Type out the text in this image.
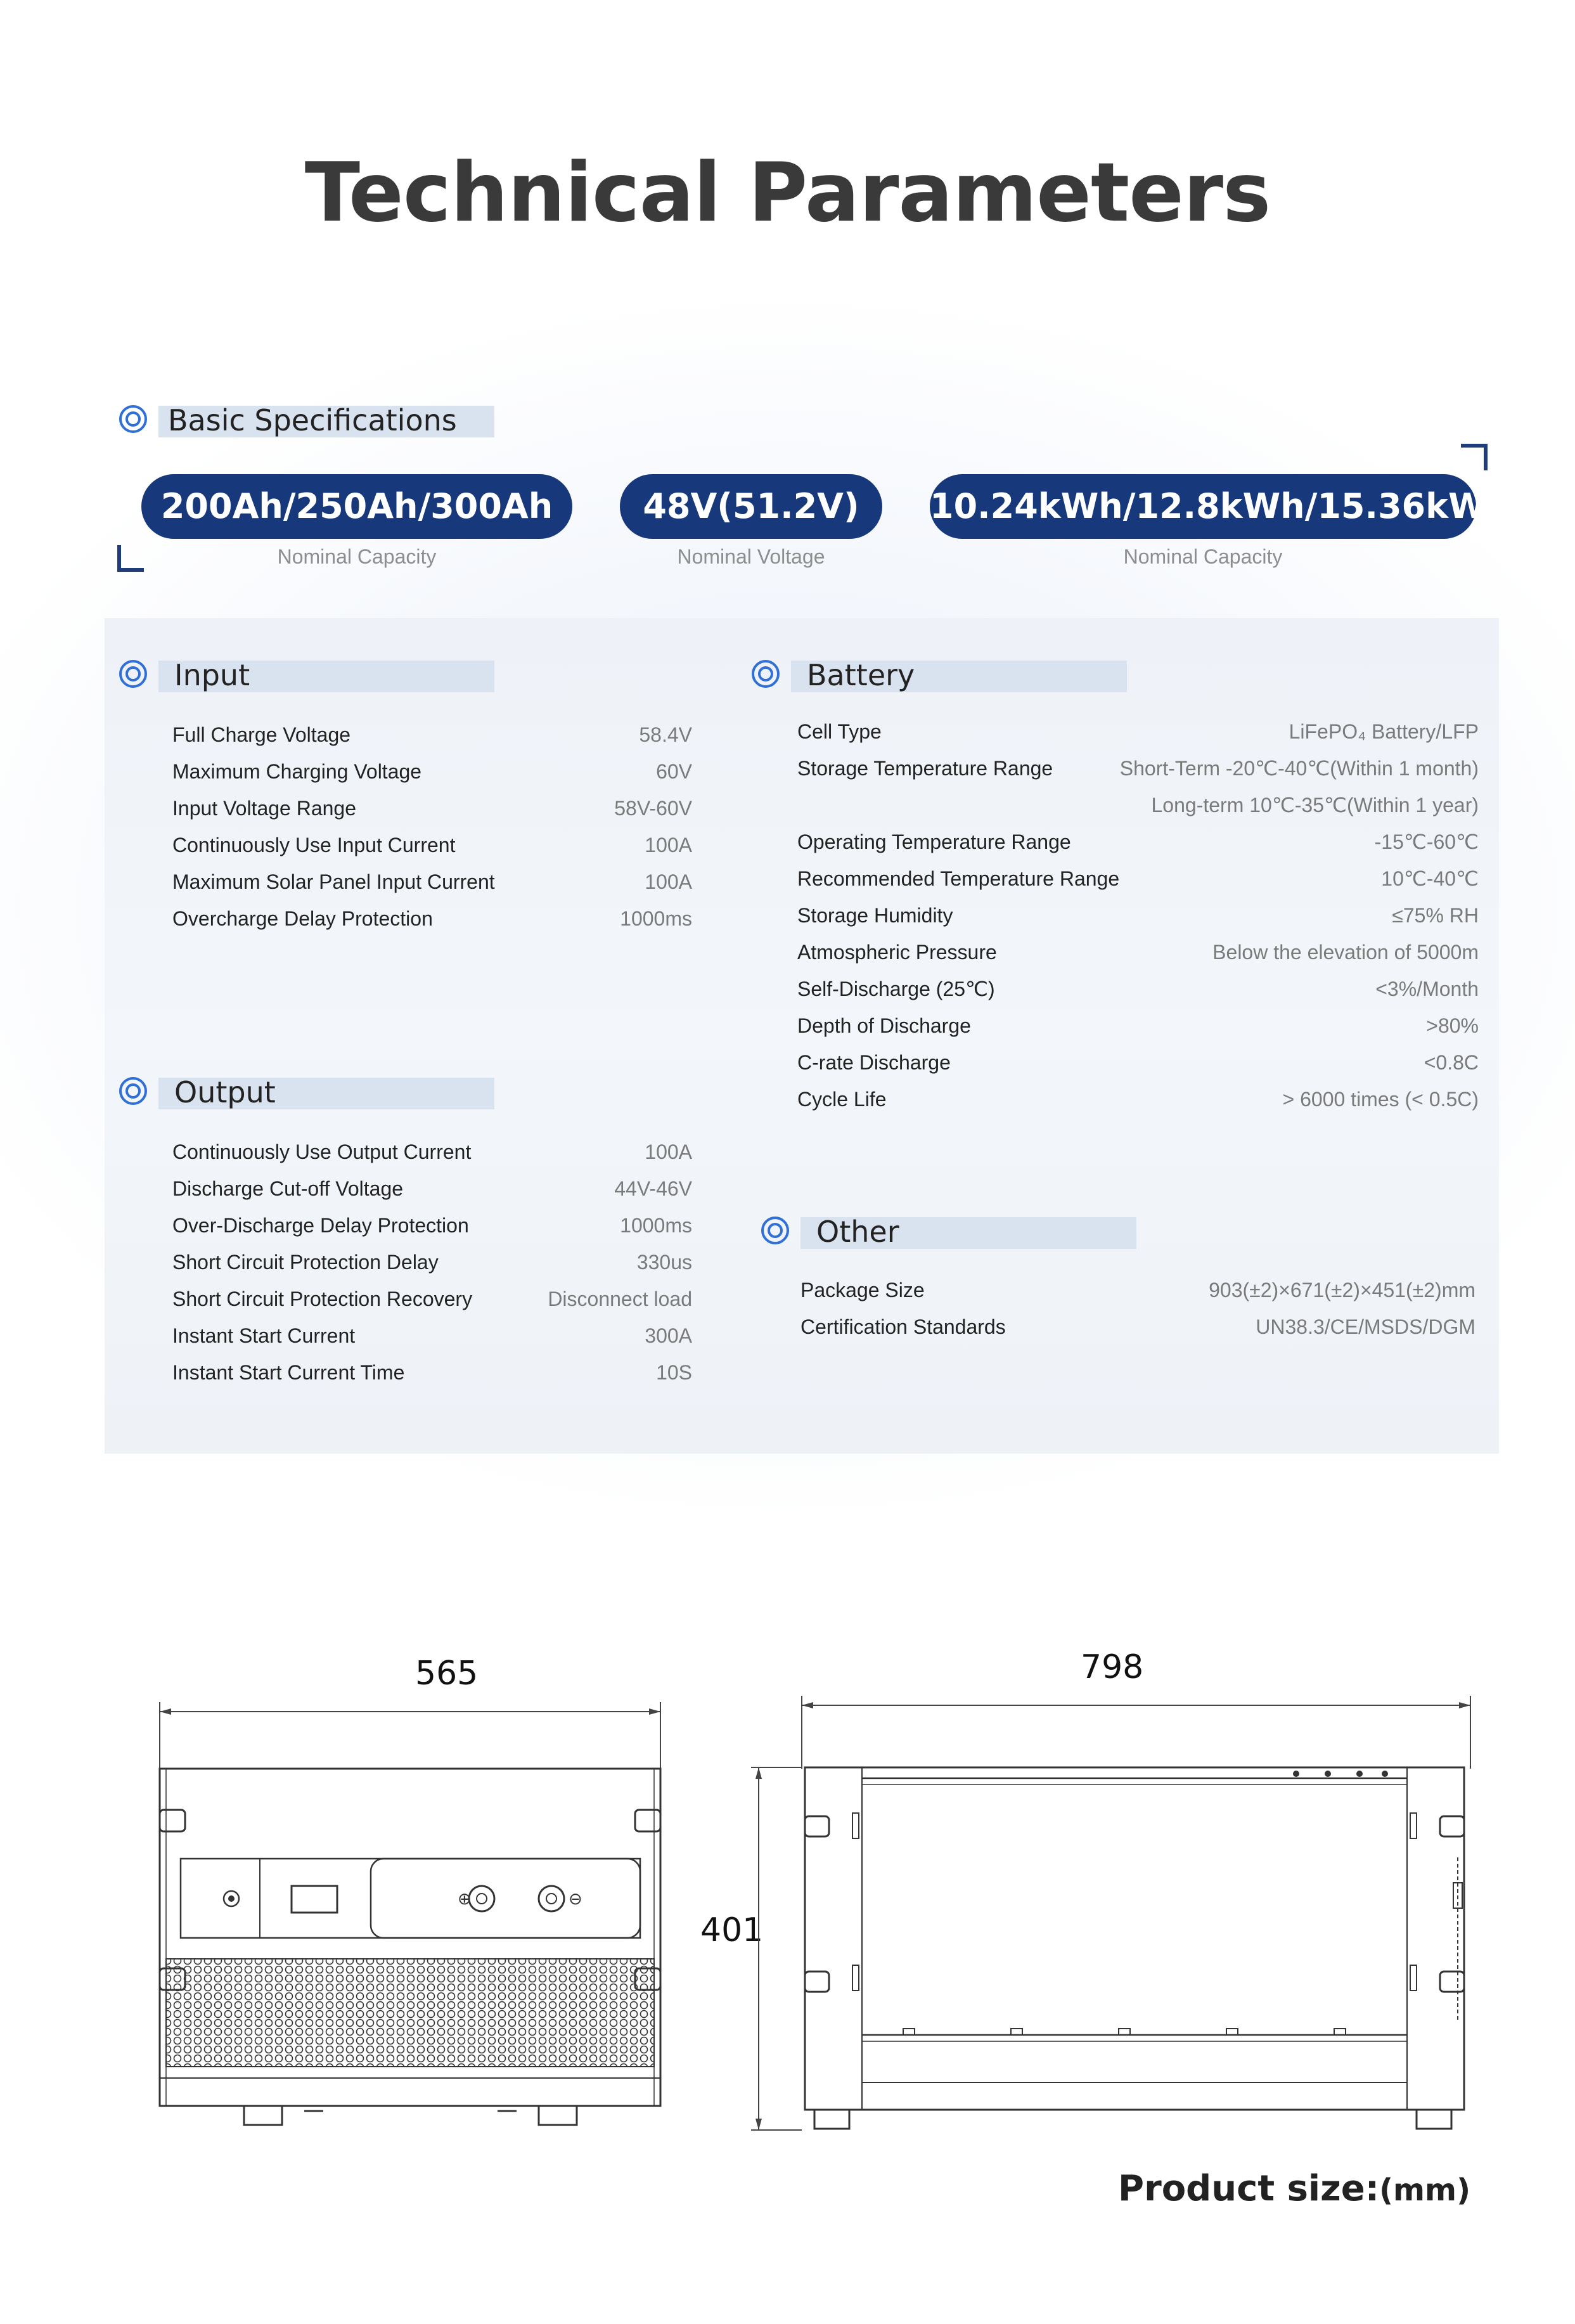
Technical Parameters
Basic Specifications
200Ah/250Ah/300Ah
Nominal Capacity
48V(51.2V)
Nominal Voltage
10.24kWh/12.8kWh/15.36kWh
Nominal Capacity
Input
Full Charge Voltage	58.4V
Maximum Charging Voltage	60V
Input Voltage Range	58V-60V
Continuously Use Input Current	100A
Maximum Solar Panel Input Current	100A
Overcharge Delay Protection	1000ms
Output
Continuously Use Output Current	100A
Discharge Cut-off Voltage	44V-46V
Over-Discharge Delay Protection	1000ms
Short Circuit Protection Delay	330us
Short Circuit Protection Recovery	Disconnect load
Instant Start Current	300A
Instant Start Current Time	10S
Battery
Cell Type	LiFePO₄ Battery/LFP
Storage Temperature Range	Short-Term -20℃-40℃(Within 1 month)
Long-term 10℃-35℃(Within 1 year)
Operating Temperature Range	-15℃-60℃
Recommended Temperature Range	10℃-40℃
Storage Humidity	≤75% RH
Atmospheric Pressure	Below the elevation of 5000m
Self-Discharge (25℃)	<3%/Month
Depth of Discharge	>80%
C-rate Discharge	<0.8C
Cycle Life	> 6000 times (< 0.5C)
Other
Package Size	903(±2)×671(±2)×451(±2)mm
Certification Standards	UN38.3/CE/MSDS/DGM
565
⊕	⊖
798
401
Product size:(mm)
